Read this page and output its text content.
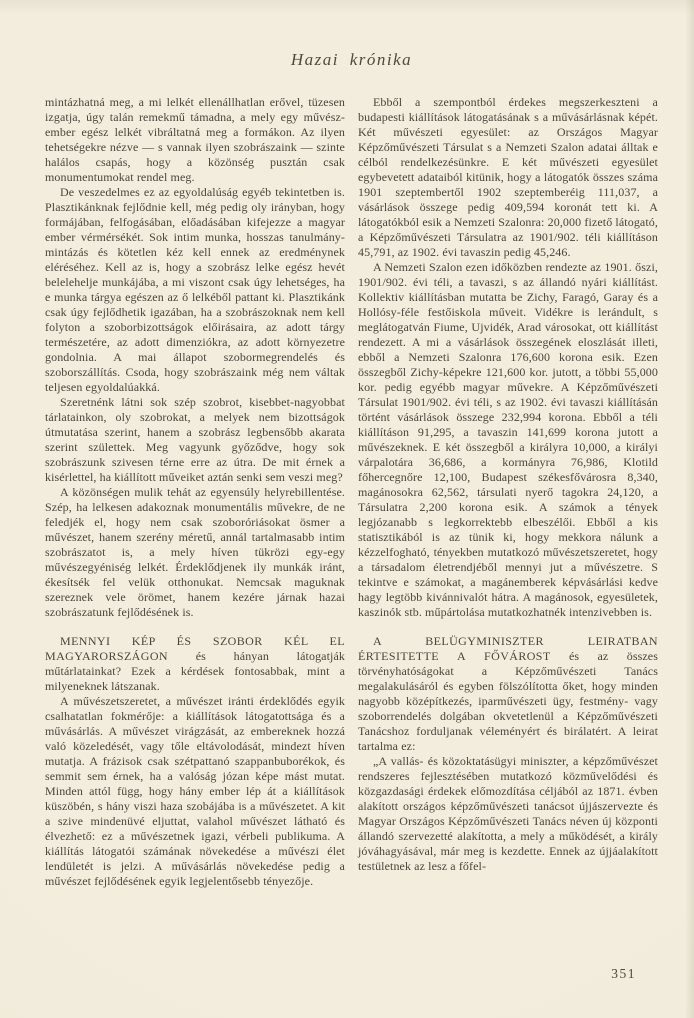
Hazai krónika

mintázhatná meg, a mi lelkét ellenállhatlan erővel, tüzesen izgatja, úgy talán remekmű támadna, a mely egy művész-ember egész lelkét vibráltatná meg a formákon. Az ilyen tehetségekre nézve — s vannak ilyen szobrászaink — szinte halálos csapás, hogy a közönség pusztán csak monumentumokat rendel meg.

De veszedelmes ez az egyoldalúság egyéb tekintetben is. Plasztikánknak fejlődnie kell, még pedig oly irányban, hogy formájában, felfogásában, előadásában kifejezze a magyar ember vérmérsékét. Sok intim munka, hosszas tanulmány-mintázás és kötetlen kéz kell ennek az eredménynek eléréséhez. Kell az is, hogy a szobrász lelke egész hevét belelehelje munkájába, a mi viszont csak úgy lehetséges, ha e munka tárgya egészen az ő lelkéből pattant ki. Plasztikánk csak úgy fejlődhetik igazában, ha a szobrászoknak nem kell folyton a szoborbizottságok előirásaira, az adott tárgy természetére, az adott dimenziókra, az adott környezetre gondolnia. A mai állapot szobormegrendelés és szoborszállítás. Csoda, hogy szobrászaink még nem váltak teljesen egyoldalúakká.

Szeretnénk látni sok szép szobrot, kisebbet-nagyobbat tárlatainkon, oly szobrokat, a melyek nem bizottságok útmutatása szerint, hanem a szobrász legbensőbb akarata szerint születtek. Meg vagyunk győződve, hogy sok szobrászunk szivesen térne erre az útra. De mit érnek a kisérlettel, ha kiállított műveiket aztán senki sem veszi meg?

A közönségen mulik tehát az egyensúly helyrebillentése. Szép, ha lelkesen adakoznak monumentális művekre, de ne feledjék el, hogy nem csak szoboróriásokat ösmer a művészet, hanem szerény méretű, annál tartalmasabb intim szobrászatot is, a mely híven tükrözi egy-egy művészegyéniség lelkét. Érdeklődjenek ily munkák iránt, ékesítsék fel velük otthonukat. Nemcsak maguknak szereznek vele örömet, hanem kezére járnak hazai szobrászatunk fejlődésének is.

MENNYI KÉP ÉS SZOBOR KÉL EL MAGYARORSZÁGON és hányan látogatják műtárlatainkat? Ezek a kérdések fontosabbak, mint a milyeneknek látszanak.

A művészetszeretet, a művészet iránti érdeklődés egyik csalhatatlan fokmérője: a kiállítások látogatottsága és a művásárlás. A művészet virágzását, az embereknek hozzá való közeledését, vagy tőle eltávolodását, mindezt híven mutatja. A frázisok csak szétpattanó szappanbuborékok, és semmit sem érnek, ha a valóság józan képe mást mutat. Minden attól függ, hogy hány ember lép át a kiállítások küszöbén, s hány viszi haza szobájába is a művészetet. A kit a szive mindenüvé eljuttat, valahol művészet látható és élvezhető: ez a művészetnek igazi, vérbeli publikuma. A kiállítás látogatói számának növekedése a művészi élet lendületét is jelzi. A művásárlás növekedése pedig a művészet fejlődésének egyik legjelentősebb tényezője.

Ebből a szempontból érdekes megszerkeszteni a budapesti kiállítások látogatásának s a művásárlásnak képét. Két művészeti egyesület: az Országos Magyar Képzőművészeti Társulat s a Nemzeti Szalon adatai álltak e célból rendelkezésünkre. E két művészeti egyesület egybevetett adataiból kitünik, hogy a látogatók összes száma 1901 szeptembertől 1902 szeptemberéig 111,037, a vásárlások összege pedig 409,594 koronát tett ki. A látogatókból esik a Nemzeti Szalonra: 20,000 fizető látogató, a Képzőművészeti Társulatra az 1901/902. téli kiállításon 45,791, az 1902. évi tavaszin pedig 45,246.

A Nemzeti Szalon ezen időközben rendezte az 1901. őszi, 1901/902. évi téli, a tavaszi, s az állandó nyári kiállítást. Kollektiv kiállításban mutatta be Zichy, Faragó, Garay és a Hollósy-féle festőiskola műveit. Vidékre is lerándult, s meglátogatván Fiume, Ujvidék, Arad városokat, ott kiállítást rendezett. A mi a vásárlások összegének eloszlását illeti, ebből a Nemzeti Szalonra 176,600 korona esik. Ezen összegből Zichy-képekre 121,600 kor. jutott, a többi 55,000 kor. pedig egyébb magyar művekre. A Képzőművészeti Társulat 1901/902. évi téli, s az 1902. évi tavaszi kiállításán történt vásárlások összege 232,994 korona. Ebből a téli kiállításon 91,295, a tavaszin 141,699 korona jutott a művészeknek. E két összegből a királyra 10,000, a királyi várpalotára 36,686, a kormányra 76,986, Klotild főhercegnőre 12,100, Budapest székesfővárosra 8,340, magánosokra 62,562, társulati nyerő tagokra 24,120, a Társulatra 2,200 korona esik. A számok a tények legjózanabb s legkorrektebb elbeszélői. Ebből a kis statisztikából is az tünik ki, hogy mekkora nálunk a kézzelfogható, tényekben mutatkozó művészetszeretet, hogy a társadalom életrendjéből mennyi jut a művészetre. S tekintve e számokat, a magánemberek képvásárlási kedve hagy legtöbb kivánnivalót hátra. A magánosok, egyesületek, kaszinók stb. műpártolása mutatkozhatnék intenzivebben is.

A BELÜGYMINISZTER LEIRATBAN ÉRTESITETTE A FŐVÁROST és az összes törvényhatóságokat a Képzőművészeti Tanács megalakulásáról és egyben fölszólította őket, hogy minden nagyobb középítkezés, iparművészeti ügy, festmény- vagy szoborrendelés dolgában okvetetlenül a Képzőművészeti Tanácshoz forduljanak véleményért és birálatért. A leirat tartalma ez:

„A vallás- és közoktatásügyi miniszter, a képzőművészet rendszeres fejlesztésében mutatkozó közművelődési és közgazdasági érdekek előmozdítása céljából az 1871. évben alakított országos képzőművészeti tanácsot újjászervezte és Magyar Országos Képzőművészeti Tanács néven új központi állandó szervezetté alakította, a mely a működését, a király jóváhagyásával, már meg is kezdette. Ennek az újjáalakított testületnek az lesz a főfel-

351
